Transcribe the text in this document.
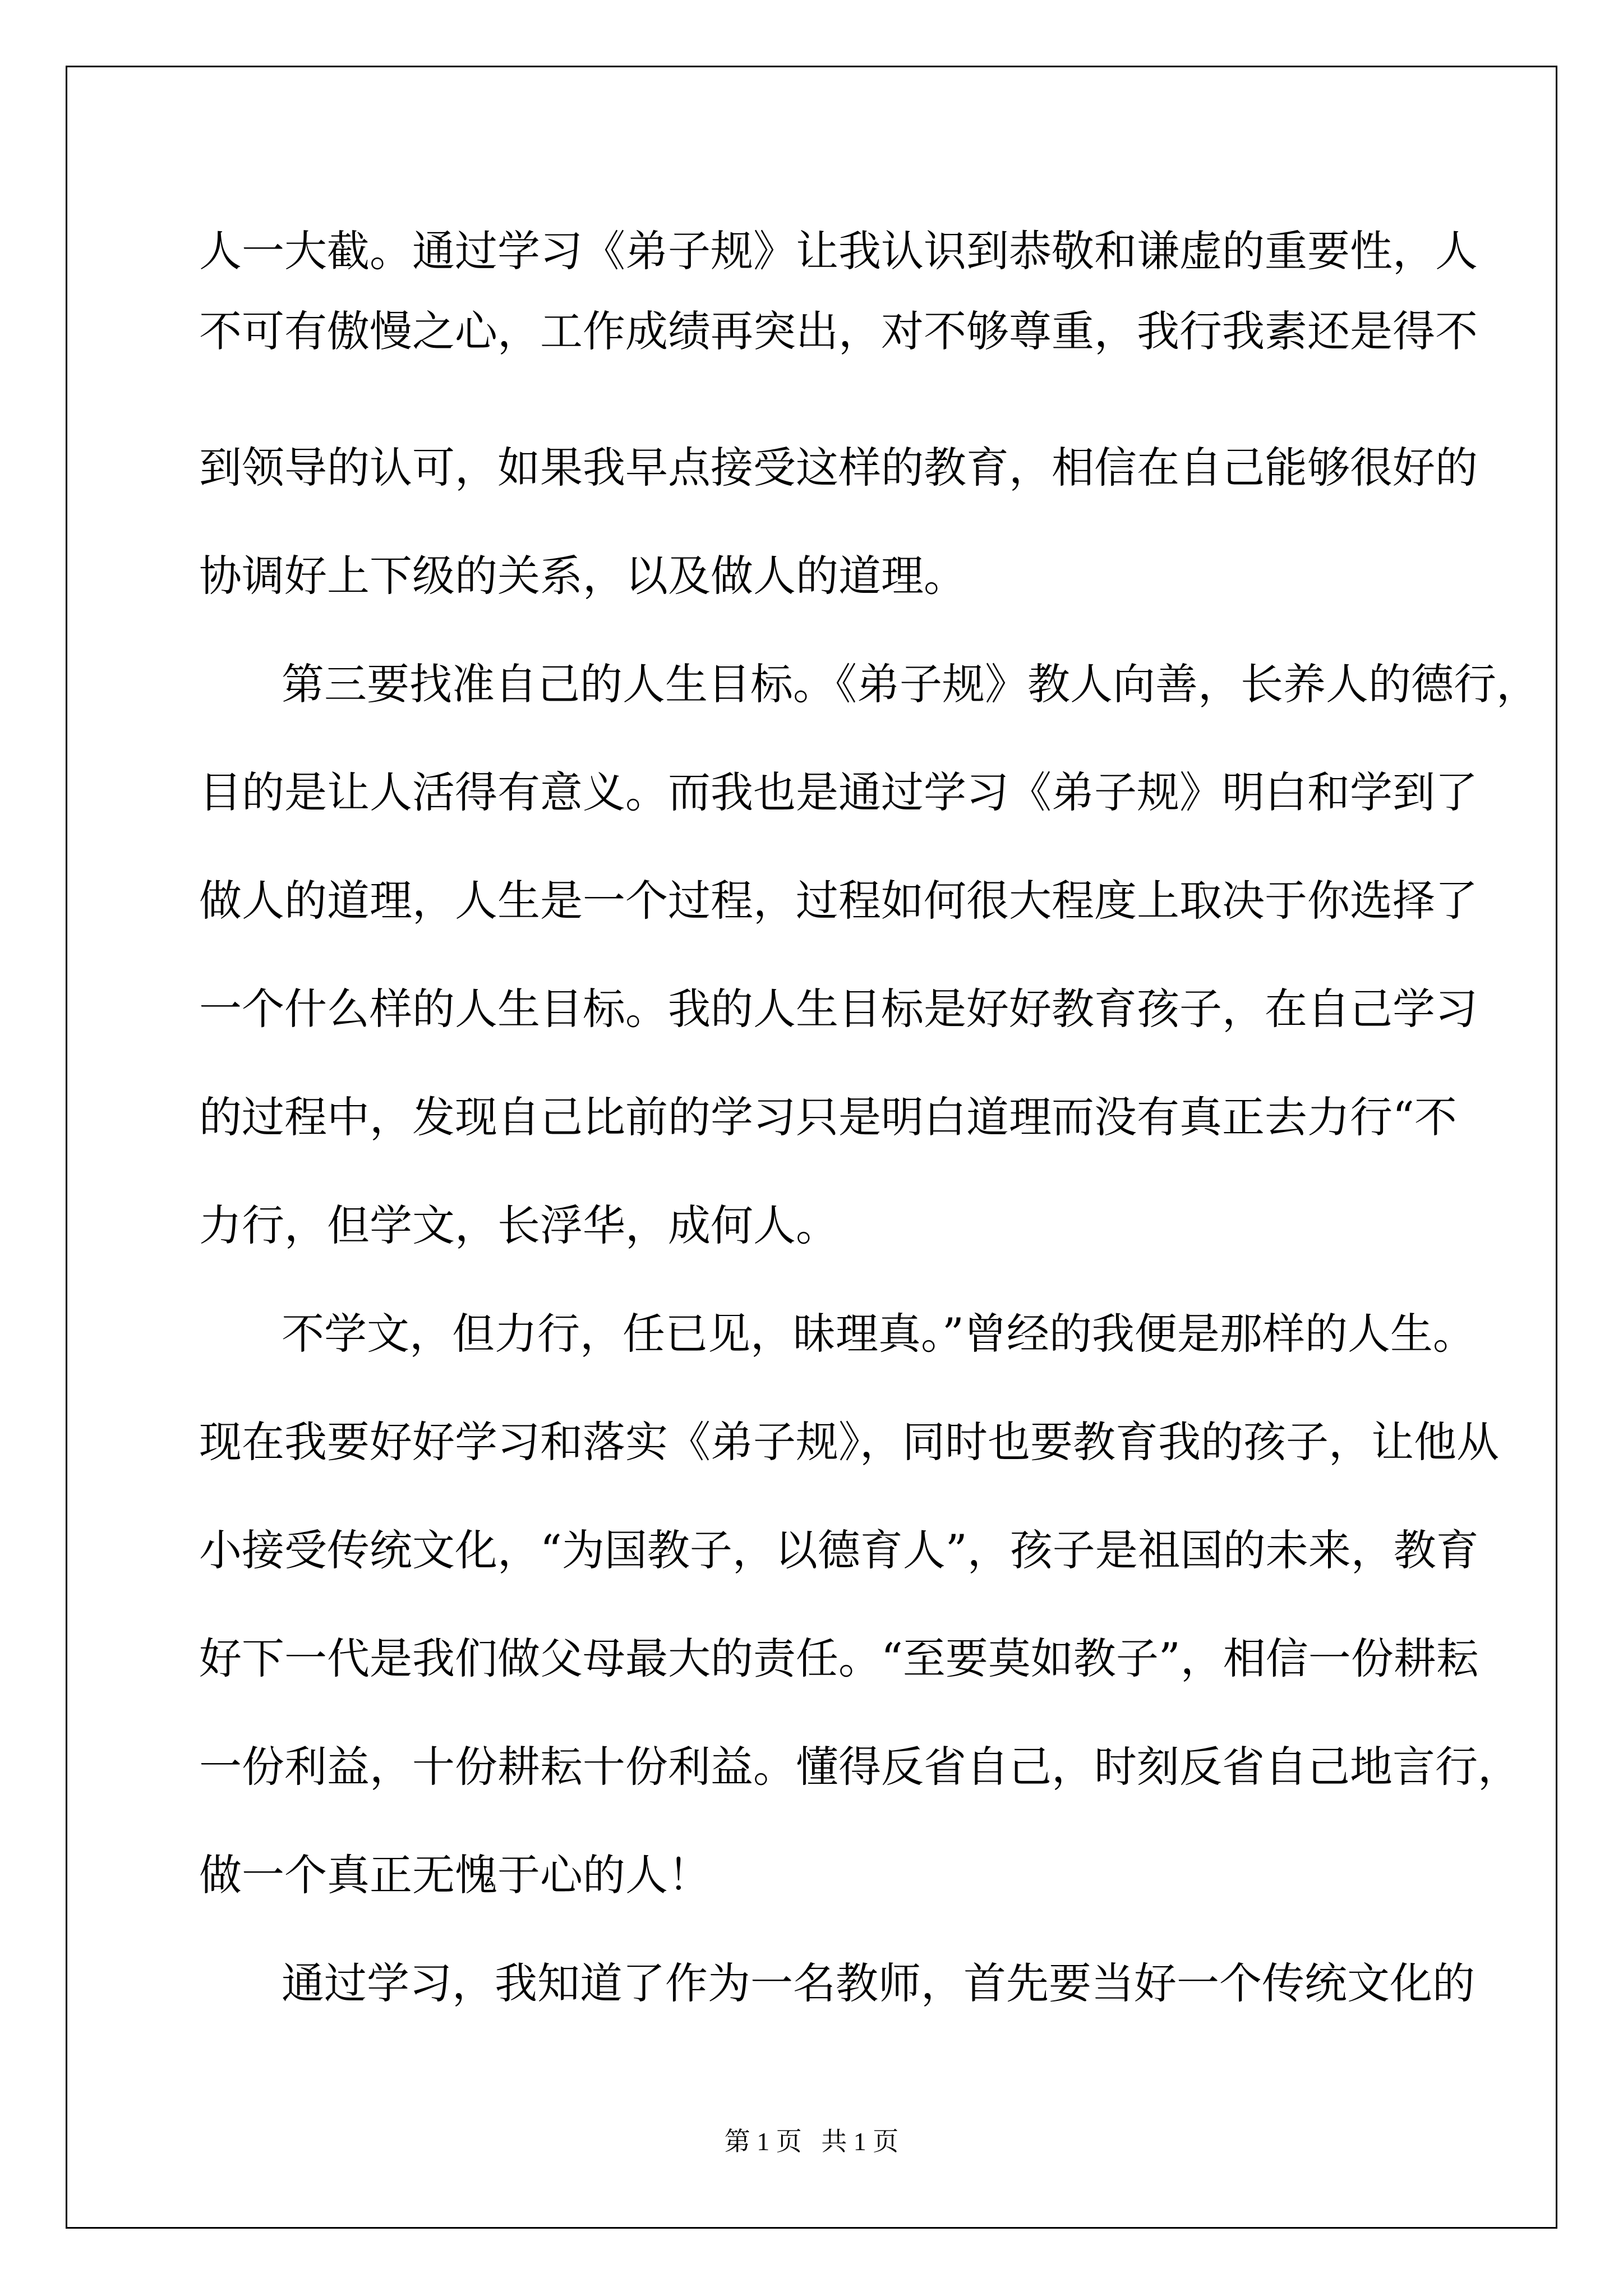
人一大截。通过学习《弟子规》让我认识到恭敬和谦虚的重要性，人
不可有傲慢之心，工作成绩再突出，对不够尊重，我行我素还是得不
到领导的认可，如果我早点接受这样的教育，相信在自己能够很好的
协调好上下级的关系，以及做人的道理。
第三要找准自己的人生目标。《弟子规》教人向善，长养人的德行，
目的是让人活得有意义。而我也是通过学习《弟子规》明白和学到了
做人的道理，人生是一个过程，过程如何很大程度上取决于你选择了
一个什么样的人生目标。我的人生目标是好好教育孩子，在自己学习
的过程中，发现自己比前的学习只是明白道理而没有真正去力行“不
力行，但学文，长浮华，成何人。
不学文，但力行，任已见，昧理真。”曾经的我便是那样的人生。
现在我要好好学习和落实《弟子规》，同时也要教育我的孩子，让他从
小接受传统文化，“为国教子，以德育人”，孩子是祖国的未来，教育
好下一代是我们做父母最大的责任。“至要莫如教子”，相信一份耕耘
一份利益，十份耕耘十份利益。懂得反省自己，时刻反省自己地言行，
做一个真正无愧于心的人！
通过学习，我知道了作为一名教师，首先要当好一个传统文化的
第 1 页   共 1 页
